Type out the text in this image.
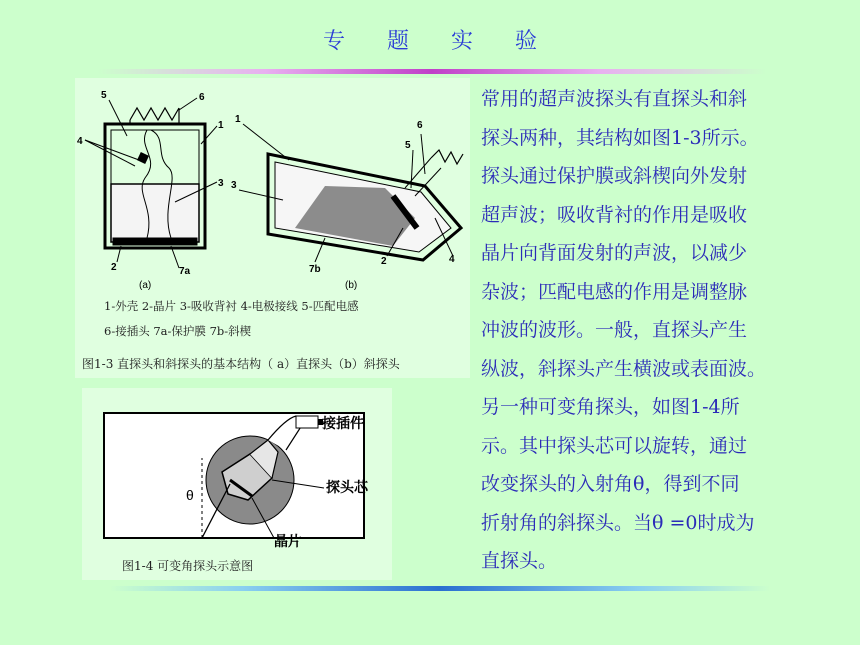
专 题 实 验
5	6
4
1
3
2	7a
6
5
1
3
7b
2	4
(a)	(b)
1-外壳 2-晶片 3-吸收背衬 4-电极接线 5-匹配电感
6-接插头 7a-保护膜 7b-斜楔
图1-3 直探头和斜探头的基本结构（ a）直探头（b）斜探头
接插件
探头芯
θ
晶片
图1-4 可变角探头示意图
常用的超声波探头有直探头和斜
探头两种，其结构如图1-3所示。
探头通过保护膜或斜楔向外发射
超声波；吸收背衬的作用是吸收
晶片向背面发射的声波，以减少
杂波；匹配电感的作用是调整脉
冲波的波形。一般，直探头产生
纵波，斜探头产生横波或表面波。
另一种可变角探头，如图1-4所
示。其中探头芯可以旋转，通过
改变探头的入射角θ，得到不同
折射角的斜探头。当θ =0时成为
直探头。
